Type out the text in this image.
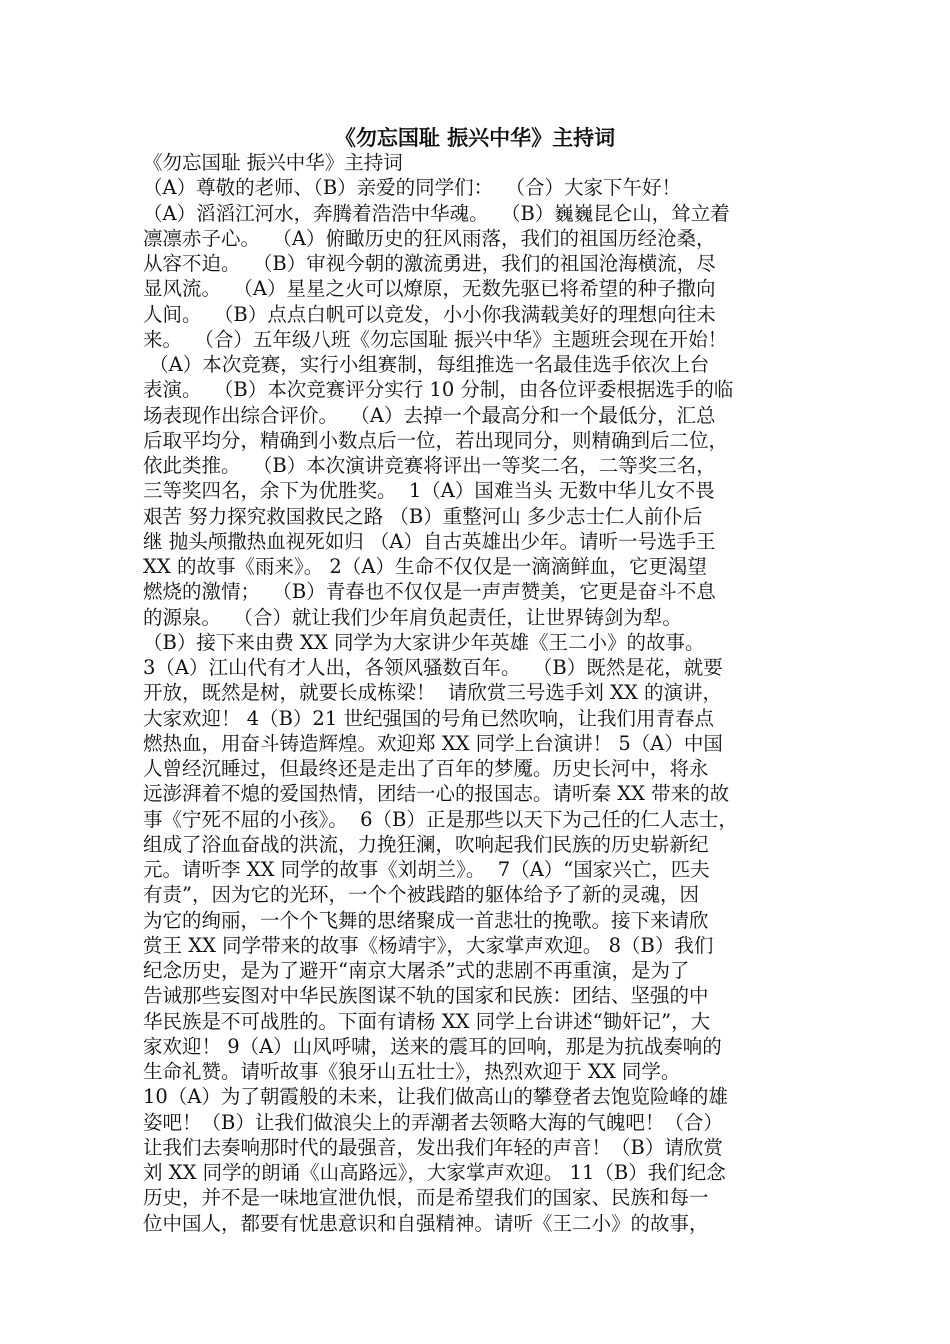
《勿忘国耻 振兴中华》主持词
《勿忘国耻 振兴中华》主持词
（A）尊敬的老师、（B）亲爱的同学们：  （合）大家下午好！
（A）滔滔江河水，奔腾着浩浩中华魂。  （B）巍巍昆仑山，耸立着
凛凛赤子心。  （A）俯瞰历史的狂风雨落，我们的祖国历经沧桑，
从容不迫。  （B）审视今朝的激流勇进，我们的祖国沧海横流，尽
显风流。  （A）星星之火可以燎原，无数先驱已将希望的种子撒向
人间。  （B）点点白帆可以竞发，小小你我满载美好的理想向往未
来。  （合）五年级八班《勿忘国耻 振兴中华》主题班会现在开始！
（A）本次竞赛，实行小组赛制，每组推选一名最佳选手依次上台
表演。  （B）本次竞赛评分实行 10 分制，由各位评委根据选手的临
场表现作出综合评价。  （A）去掉一个最高分和一个最低分，汇总
后取平均分，精确到小数点后一位，若出现同分，则精确到后二位，
依此类推。  （B）本次演讲竞赛将评出一等奖二名，二等奖三名，
三等奖四名，余下为优胜奖。  1（A）国难当头 无数中华儿女不畏
艰苦 努力探究救国救民之路 （B）重整河山 多少志士仁人前仆后
继 抛头颅撒热血视死如归 （A）自古英雄出少年。请听一号选手王
XX 的故事《雨来》。 2（A）生命不仅仅是一滴滴鲜血，它更渴望
燃烧的激情；  （B）青春也不仅仅是一声声赞美，它更是奋斗不息
的源泉。  （合）就让我们少年肩负起责任，让世界铸剑为犁。
（B）接下来由费 XX 同学为大家讲少年英雄《王二小》的故事。
3（A）江山代有才人出，各领风骚数百年。  （B）既然是花，就要
开放，既然是树，就要长成栋梁！  请欣赏三号选手刘 XX 的演讲，
大家欢迎！ 4（B）21 世纪强国的号角已然吹响，让我们用青春点
燃热血，用奋斗铸造辉煌。欢迎郑 XX 同学上台演讲！ 5（A）中国
人曾经沉睡过，但最终还是走出了百年的梦魇。历史长河中，将永
远澎湃着不熄的爱国热情，团结一心的报国志。请听秦 XX 带来的故
事《宁死不屈的小孩》。  6（B）正是那些以天下为己任的仁人志士，
组成了浴血奋战的洪流，力挽狂澜，吹响起我们民族的历史崭新纪
元。请听李 XX 同学的故事《刘胡兰》。  7（A）“国家兴亡，匹夫
有责”，因为它的光环，一个个被践踏的躯体给予了新的灵魂，因
为它的绚丽，一个个飞舞的思绪聚成一首悲壮的挽歌。接下来请欣
赏王 XX 同学带来的故事《杨靖宇》，大家掌声欢迎。 8（B）我们
纪念历史，是为了避开“南京大屠杀”式的悲剧不再重演，是为了
告诫那些妄图对中华民族图谋不轨的国家和民族：团结、坚强的中
华民族是不可战胜的。下面有请杨 XX 同学上台讲述“锄奸记”，大
家欢迎！ 9（A）山风呼啸，送来的震耳的回响，那是为抗战奏响的
生命礼赞。请听故事《狼牙山五壮士》，热烈欢迎于 XX 同学。
10（A）为了朝霞般的未来，让我们做高山的攀登者去饱览险峰的雄
姿吧！（B）让我们做浪尖上的弄潮者去领略大海的气魄吧！（合）
让我们去奏响那时代的最强音，发出我们年轻的声音！（B）请欣赏
刘 XX 同学的朗诵《山高路远》，大家掌声欢迎。 11（B）我们纪念
历史，并不是一味地宣泄仇恨，而是希望我们的国家、民族和每一
位中国人，都要有忧患意识和自强精神。请听《王二小》的故事，
